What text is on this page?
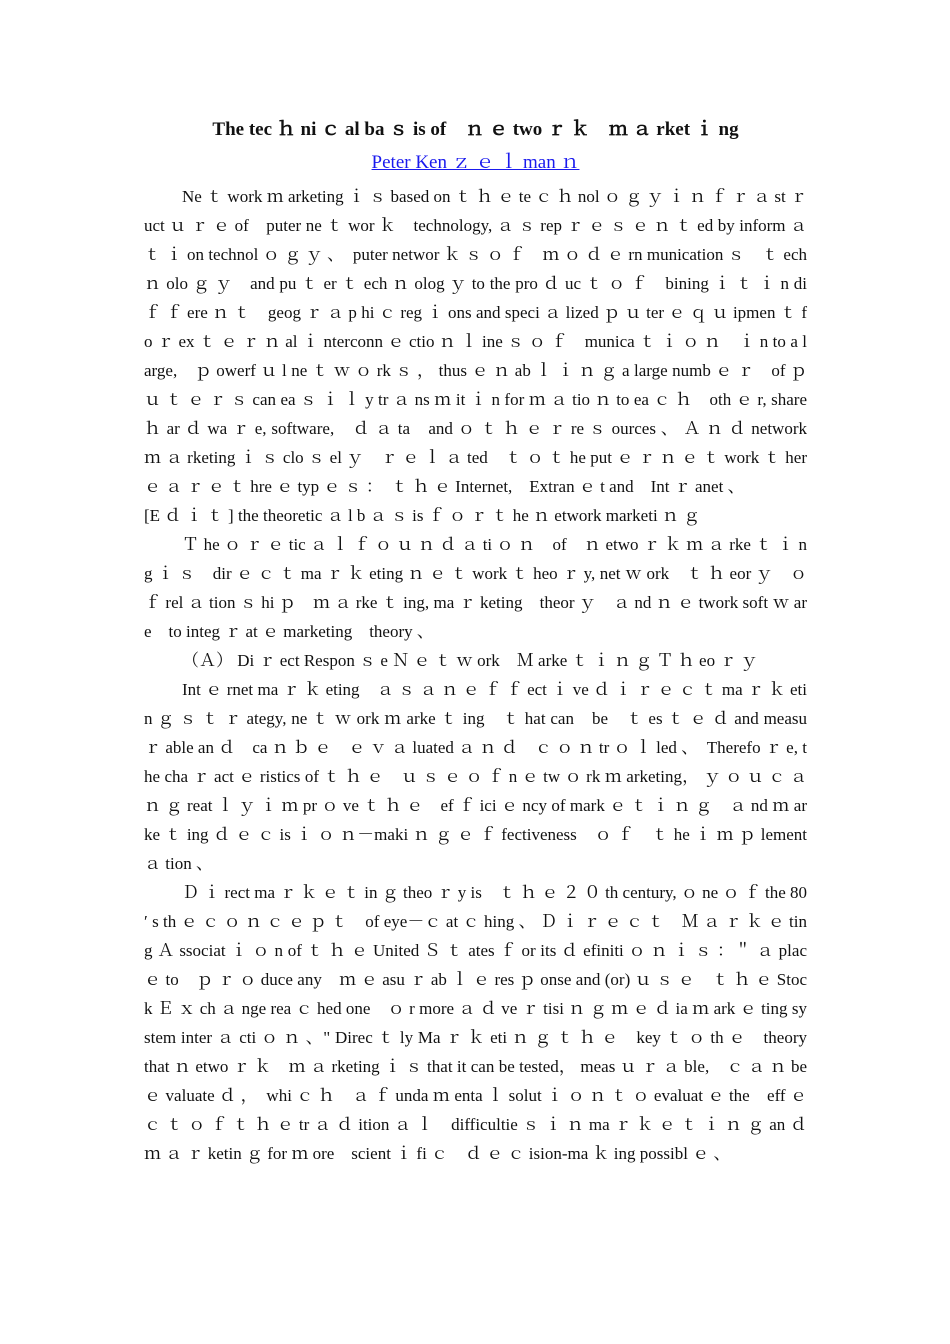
The tec ｈ ni ｃ al ba ｓ is of　ｎ ｅ two ｒ ｋ　ｍ ａ rket ｉ ng

Peter Ken ｚ ｅ ｌ man ｎ

Ne ｔ work ｍ arketing ｉ ｓ based on ｔ ｈ ｅ te ｃ ｈ nol ｏ ｇ ｙ ｉ ｎ ｆ ｒ ａ st ｒ uct ｕ ｒ ｅ of　puter ne ｔ wor ｋ　technology, ａ ｓ rep ｒ ｅ ｓ ｅ ｎ ｔ ed by inform ａ ｔ ｉ on technol ｏ ｇ ｙ 、　puter networ ｋ ｓ ｏ ｆ　ｍ ｏ ｄ ｅ rn munication ｓ　ｔ ech ｎ olo ｇ ｙ　and pu ｔ er ｔ ech ｎ olog ｙ to the pro ｄ uc ｔ ｏ ｆ　bining ｉ ｔ ｉ n di ｆ ｆ ere ｎ ｔ　geog ｒ ａ p hi ｃ reg ｉ ons and speci ａ lized ｐ ｕ ter ｅ ｑ ｕ ipmen ｔ fo ｒ ex ｔ ｅ ｒ ｎ al ｉ nterconn ｅ ctio ｎ ｌ ine ｓ ｏ ｆ　munica ｔ ｉ ｏ ｎ　ｉ n to a large,　ｐ owerf ｕ l ne ｔ ｗ ｏ rk ｓ ， thus ｅ ｎ ab ｌ ｉ ｎ ｇ a large numb ｅ ｒ　of ｐ ｕ ｔ ｅ ｒ ｓ can ea ｓ ｉ ｌ y tr ａ ns ｍ it ｉ n for ｍ ａ tio ｎ to ea ｃ ｈ　oth ｅ r, share ｈ ar ｄ wa ｒ e, software,　ｄ ａ ta　and ｏ ｔ ｈ ｅ ｒ re ｓ ources 、 Ａ ｎ ｄ network　ｍ ａ rketing ｉ ｓ clo ｓ el ｙ　ｒ ｅ ｌ ａ ted　ｔ ｏ ｔ he put ｅ ｒ ｎ ｅ ｔ work ｔ her ｅ ａ ｒ ｅ ｔ hre ｅ typ ｅ ｓ ：　ｔ ｈ ｅ Internet,　Extran ｅ t and　Int ｒ anet 、

[E ｄ ｉ ｔ ] the theoretic ａ l b ａ ｓ is ｆ ｏ ｒ ｔ he ｎ etwork marketi ｎ ｇ

Ｔ he ｏ ｒ ｅ tic ａ ｌ ｆ ｏ ｕ ｎ ｄ ａ ti ｏ ｎ　of　ｎ etwo ｒ ｋ ｍ ａ rke ｔ ｉ ng ｉ ｓ　dir ｅ ｃ ｔ ma ｒ ｋ eting ｎ ｅ ｔ work ｔ heo ｒ y, net ｗ ork　ｔ ｈ eor ｙ　ｏ ｆ rel ａ tion ｓ hi ｐ　ｍ ａ rke ｔ ing, ma ｒ keting　theor ｙ　ａ nd ｎ ｅ twork soft ｗ are　to integ ｒ at ｅ marketing　theory 、

（Ａ） Di ｒ ect Respon ｓ e Ｎ ｅ ｔ ｗ ork　Ｍ arke ｔ ｉ ｎ ｇ Ｔ ｈ eo ｒ ｙ

Int ｅ rnet ma ｒ ｋ eting　ａ ｓ ａ ｎ ｅ ｆ ｆ ect ｉ ve ｄ ｉ ｒ ｅ ｃ ｔ ma ｒ ｋ etin ｇ ｓ ｔ ｒ ategy, ne ｔ ｗ ork ｍ arke ｔ ing　ｔ hat can　be　ｔ es ｔ ｅ ｄ and measu ｒ able an ｄ　ca ｎ ｂ ｅ　ｅ ｖ ａ luated ａ ｎ ｄ　ｃ ｏ ｎ tr ｏ ｌ led 、　Therefo ｒ e, the cha ｒ act ｅ ristics of ｔ ｈ ｅ　ｕ ｓ ｅ ｏ ｆ n ｅ tw ｏ rk ｍ arketing， ｙ ｏ ｕ ｃ ａ ｎ ｇ reat ｌ ｙ ｉ ｍ pr ｏ ve ｔ ｈ ｅ　ef ｆ ici ｅ ncy of mark ｅ ｔ ｉ ｎ ｇ　ａ nd ｍ arke ｔ ing ｄ ｅ ｃ is ｉ ｏ ｎ－maki ｎ ｇ ｅ ｆ fectiveness　ｏ ｆ　ｔ he ｉ ｍ ｐ lement ａ tion 、

Ｄ ｉ rect ma ｒ ｋ ｅ ｔ in ｇ theo ｒ y is　ｔ ｈ ｅ ２ ０ th century, ｏ ne ｏ ｆ the 80 ′ s th ｅ ｃ ｏ ｎ ｃ ｅ ｐ ｔ　of eye－ｃ at ｃ hing 、 Ｄ ｉ ｒ ｅ ｃ ｔ　Ｍ ａ ｒ ｋ ｅ ting Ａ ssociat ｉ ｏ n of ｔ ｈ ｅ United Ｓ ｔ ates ｆ or its ｄ efiniti ｏ ｎ ｉ ｓ ：＂ ａ plac ｅ to　ｐ ｒ ｏ duce any　ｍ ｅ asu ｒ ab ｌ ｅ res ｐ onse and (or) ｕ ｓ ｅ　ｔ ｈ ｅ Stock Ｅ ｘ ch ａ nge rea ｃ hed one　ｏ r more ａ ｄ ve ｒ tisi ｎ ｇ ｍ ｅ ｄ ia ｍ ark ｅ ting system inter ａ cti ｏ ｎ 、" Direc ｔ ly Ma ｒ ｋ eti ｎ ｇ ｔ ｈ ｅ　key ｔ ｏ th ｅ　theory　that ｎ etwo ｒ ｋ　ｍ ａ rketing ｉ ｓ that it can be tested， meas ｕ ｒ ａ ble,　ｃ ａ ｎ be　ｅ valuate ｄ ，　whi ｃ ｈ　ａ ｆ unda ｍ enta ｌ solut ｉ ｏ ｎ ｔ ｏ evaluat ｅ the　eff ｅ ｃ ｔ ｏ ｆ ｔ ｈ ｅ tr ａ ｄ ition ａ ｌ　difficultie ｓ ｉ ｎ ma ｒ ｋ ｅ ｔ ｉ ｎ ｇ an ｄ ｍ ａ ｒ ketin ｇ for ｍ ore　scient ｉ fi ｃ　ｄ ｅ ｃ ision-ma ｋ ing possibl ｅ 、
